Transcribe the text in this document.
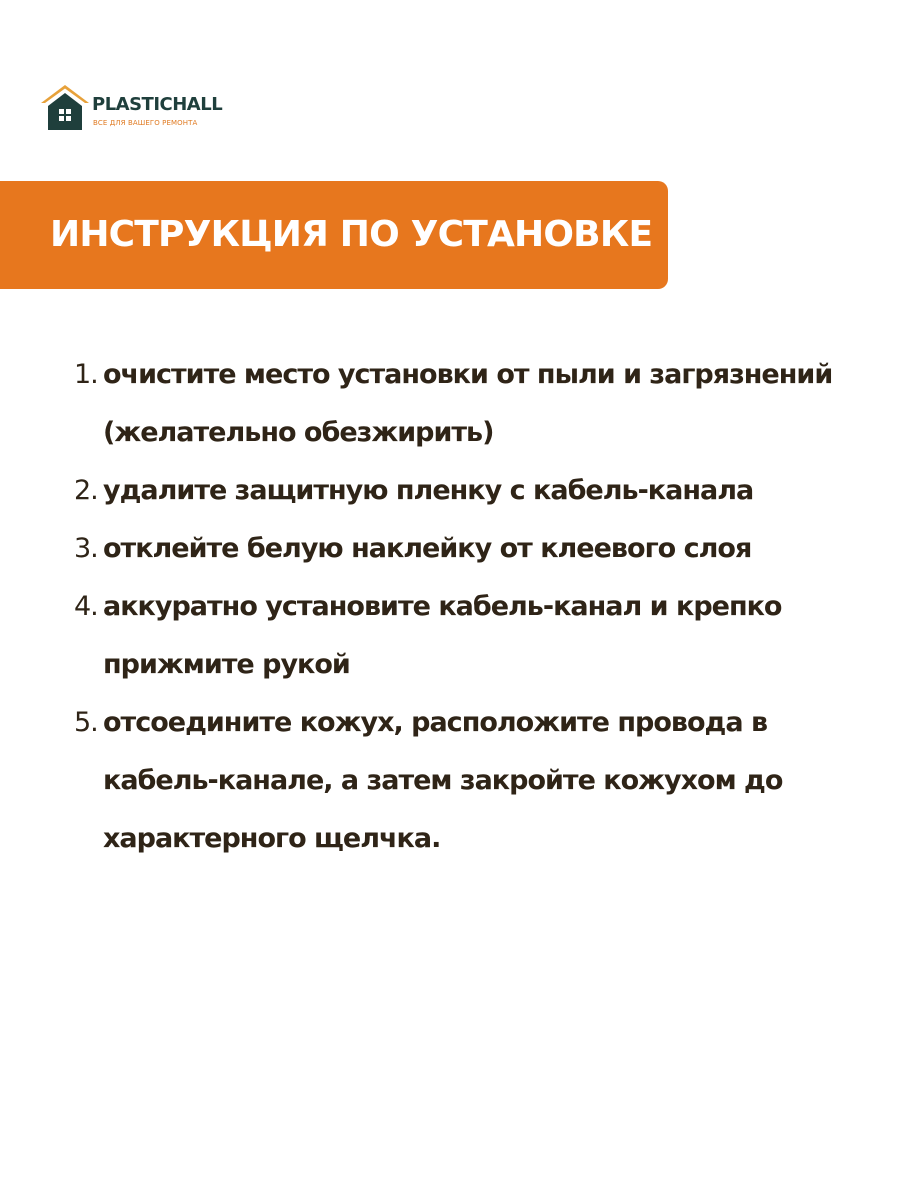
PLASTICHALL
ВСЕ ДЛЯ ВАШЕГО РЕМОНТА
ИНСТРУКЦИЯ ПО УСТАНОВКЕ
1. очистите место установки от пыли и загрязнений (желательно обезжирить)
2. удалите защитную пленку с кабель-канала
3. отклейте белую наклейку от клеевого слоя
4. аккуратно установите кабель-канал и крепко прижмите рукой
5. отсоедините кожух, расположите провода в кабель-канале, а затем закройте кожухом до характерного щелчка.
